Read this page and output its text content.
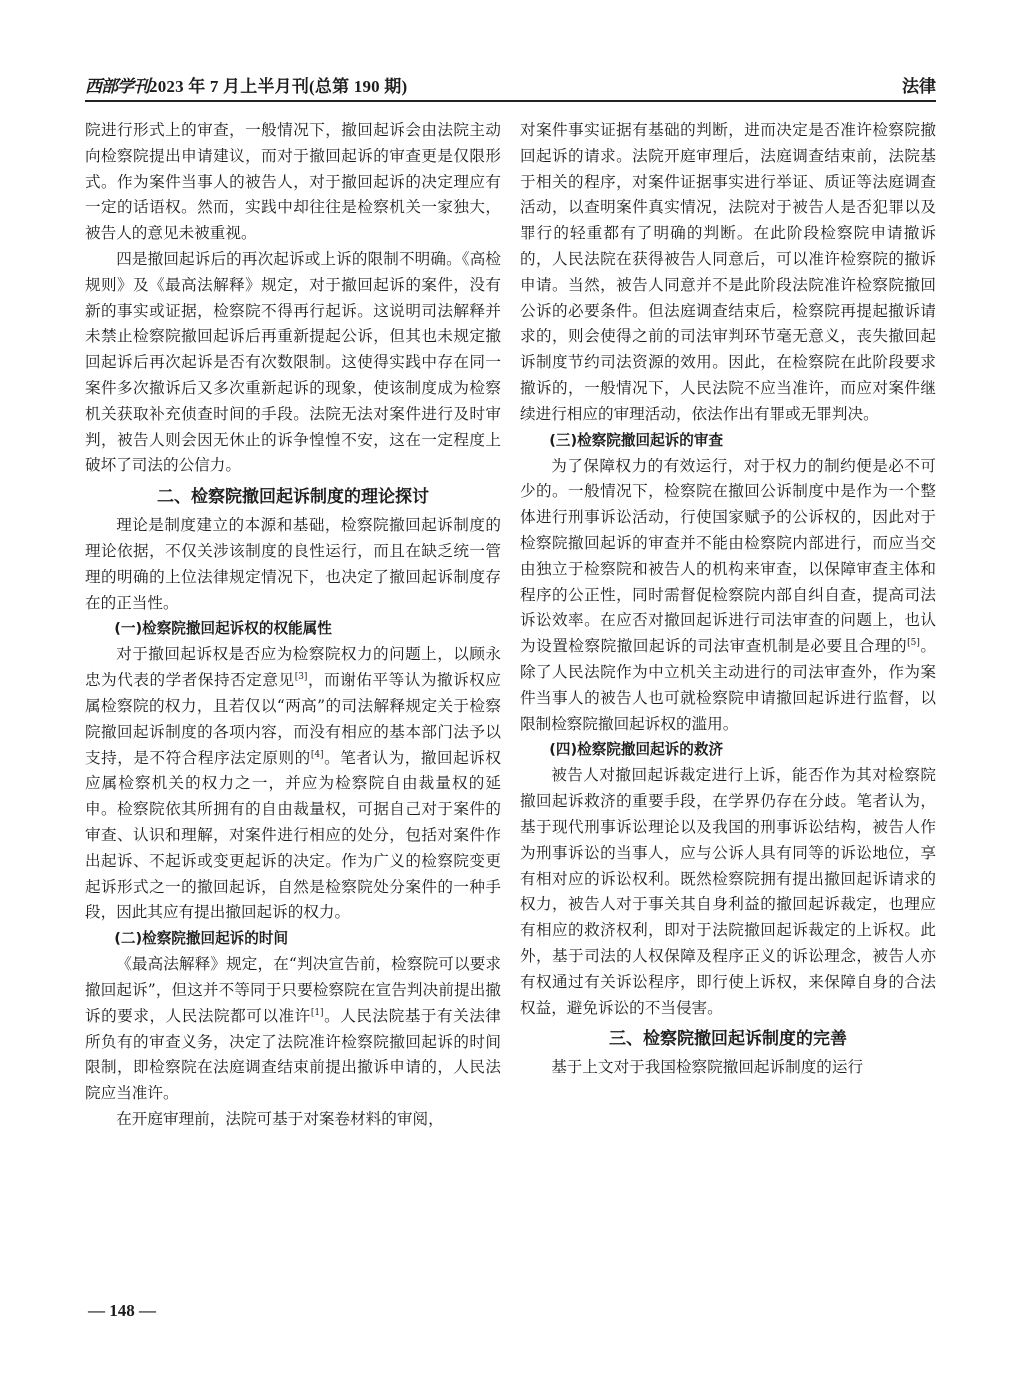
西部学刊2023 年 7 月上半月刊(总第 190 期)	法律

院进行形式上的审查，一般情况下，撤回起诉会由法院主动向检察院提出申请建议，而对于撤回起诉的审查更是仅限形式。作为案件当事人的被告人，对于撤回起诉的决定理应有一定的话语权。然而，实践中却往往是检察机关一家独大，被告人的意见未被重视。

四是撤回起诉后的再次起诉或上诉的限制不明确。《高检规则》及《最高法解释》规定，对于撤回起诉的案件，没有新的事实或证据，检察院不得再行起诉。这说明司法解释并未禁止检察院撤回起诉后再重新提起公诉，但其也未规定撤回起诉后再次起诉是否有次数限制。这使得实践中存在同一案件多次撤诉后又多次重新起诉的现象，使该制度成为检察机关获取补充侦查时间的手段。法院无法对案件进行及时审判，被告人则会因无休止的诉争惶惶不安，这在一定程度上破坏了司法的公信力。

二、检察院撤回起诉制度的理论探讨

理论是制度建立的本源和基础，检察院撤回起诉制度的理论依据，不仅关涉该制度的良性运行，而且在缺乏统一管理的明确的上位法律规定情况下，也决定了撤回起诉制度存在的正当性。

(一)检察院撤回起诉权的权能属性

对于撤回起诉权是否应为检察院权力的问题上，以顾永忠为代表的学者保持否定意见[3]，而谢佑平等认为撤诉权应属检察院的权力，且若仅以“两高”的司法解释规定关于检察院撤回起诉制度的各项内容，而没有相应的基本部门法予以支持，是不符合程序法定原则的[4]。笔者认为，撤回起诉权应属检察机关的权力之一，并应为检察院自由裁量权的延申。检察院依其所拥有的自由裁量权，可据自己对于案件的审查、认识和理解，对案件进行相应的处分，包括对案件作出起诉、不起诉或变更起诉的决定。作为广义的检察院变更起诉形式之一的撤回起诉，自然是检察院处分案件的一种手段，因此其应有提出撤回起诉的权力。

(二)检察院撤回起诉的时间

《最高法解释》规定，在“判决宣告前，检察院可以要求撤回起诉”，但这并不等同于只要检察院在宣告判决前提出撤诉的要求，人民法院都可以准许[1]。人民法院基于有关法律所负有的审查义务，决定了法院准许检察院撤回起诉的时间限制，即检察院在法庭调查结束前提出撤诉申请的，人民法院应当准许。

在开庭审理前，法院可基于对案卷材料的审阅，

对案件事实证据有基础的判断，进而决定是否准许检察院撤回起诉的请求。法院开庭审理后，法庭调查结束前，法院基于相关的程序，对案件证据事实进行举证、质证等法庭调查活动，以查明案件真实情况，法院对于被告人是否犯罪以及罪行的轻重都有了明确的判断。在此阶段检察院申请撤诉的，人民法院在获得被告人同意后，可以准许检察院的撤诉申请。当然，被告人同意并不是此阶段法院准许检察院撤回公诉的必要条件。但法庭调查结束后，检察院再提起撤诉请求的，则会使得之前的司法审判环节毫无意义，丧失撤回起诉制度节约司法资源的效用。因此，在检察院在此阶段要求撤诉的，一般情况下，人民法院不应当准许，而应对案件继续进行相应的审理活动，依法作出有罪或无罪判决。

(三)检察院撤回起诉的审查

为了保障权力的有效运行，对于权力的制约便是必不可少的。一般情况下，检察院在撤回公诉制度中是作为一个整体进行刑事诉讼活动，行使国家赋予的公诉权的，因此对于检察院撤回起诉的审查并不能由检察院内部进行，而应当交由独立于检察院和被告人的机构来审查，以保障审查主体和程序的公正性，同时需督促检察院内部自纠自查，提高司法诉讼效率。在应否对撤回起诉进行司法审查的问题上，也认为设置检察院撤回起诉的司法审查机制是必要且合理的[5]。除了人民法院作为中立机关主动进行的司法审查外，作为案件当事人的被告人也可就检察院申请撤回起诉进行监督，以限制检察院撤回起诉权的滥用。

(四)检察院撤回起诉的救济

被告人对撤回起诉裁定进行上诉，能否作为其对检察院撤回起诉救济的重要手段，在学界仍存在分歧。笔者认为，基于现代刑事诉讼理论以及我国的刑事诉讼结构，被告人作为刑事诉讼的当事人，应与公诉人具有同等的诉讼地位，享有相对应的诉讼权利。既然检察院拥有提出撤回起诉请求的权力，被告人对于事关其自身利益的撤回起诉裁定，也理应有相应的救济权利，即对于法院撤回起诉裁定的上诉权。此外，基于司法的人权保障及程序正义的诉讼理念，被告人亦有权通过有关诉讼程序，即行使上诉权，来保障自身的合法权益，避免诉讼的不当侵害。

三、检察院撤回起诉制度的完善

基于上文对于我国检察院撤回起诉制度的运行

— 148 —
